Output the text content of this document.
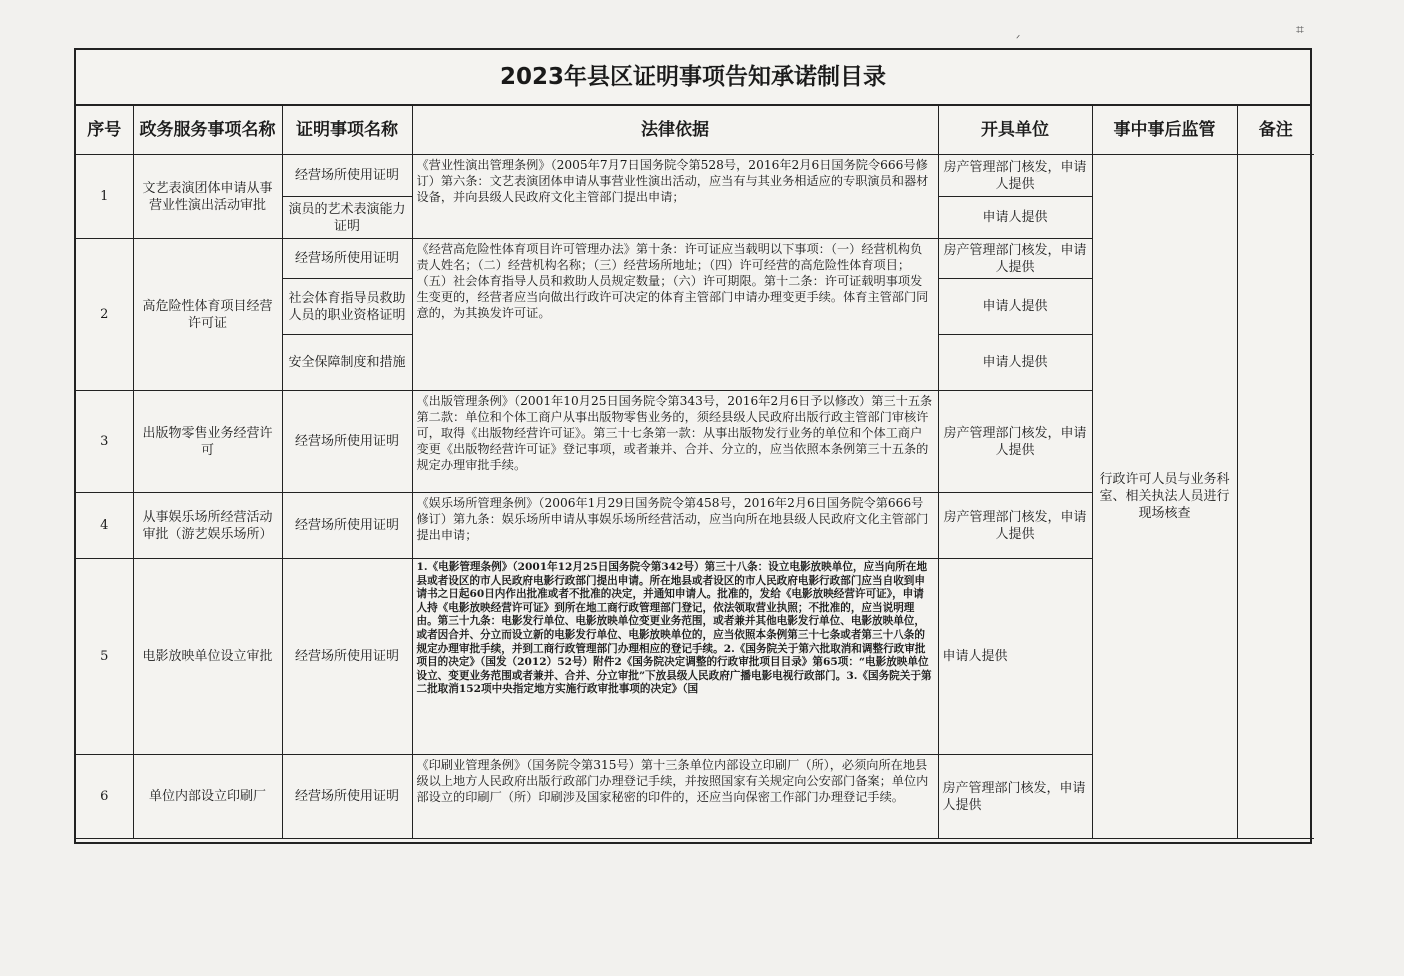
⌗
ᐟ
2023年县区证明事项告知承诺制目录
序号	政务服务事项名称	证明事项名称	法律依据	开具单位	事中事后监管	备注
1	文艺表演团体申请从事营业性演出活动审批	经营场所使用证明	《营业性演出管理条例》（2005年7月7日国务院令第528号，2016年2月6日国务院令666号修订）第六条：文艺表演团体申请从事营业性演出活动，应当有与其业务相适应的专职演员和器材设备，并向县级人民政府文化主管部门提出申请；	房产管理部门核发，申请人提供	行政许可人员与业务科室、相关执法人员进行现场核查	
		演员的艺术表演能力证明		申请人提供		
2	高危险性体育项目经营许可证	经营场所使用证明	《经营高危险性体育项目许可管理办法》第十条：许可证应当载明以下事项：（一）经营机构负责人姓名；（二）经营机构名称；（三）经营场所地址；（四）许可经营的高危险性体育项目；（五）社会体育指导人员和救助人员规定数量；（六）许可期限。第十二条：许可证载明事项发生变更的，经营者应当向做出行政许可决定的体育主管部门申请办理变更手续。体育主管部门同意的，为其换发许可证。	房产管理部门核发，申请人提供		
		社会体育指导员救助人员的职业资格证明		申请人提供		
		安全保障制度和措施		申请人提供		
3	出版物零售业务经营许可	经营场所使用证明	《出版管理条例》（2001年10月25日国务院令第343号，2016年2月6日予以修改）第三十五条第二款：单位和个体工商户从事出版物零售业务的，须经县级人民政府出版行政主管部门审核许可，取得《出版物经营许可证》。第三十七条第一款：从事出版物发行业务的单位和个体工商户变更《出版物经营许可证》登记事项，或者兼并、合并、分立的，应当依照本条例第三十五条的规定办理审批手续。	房产管理部门核发，申请人提供		
4	从事娱乐场所经营活动审批（游艺娱乐场所）	经营场所使用证明	《娱乐场所管理条例》（2006年1月29日国务院令第458号，2016年2月6日国务院令第666号修订）第九条：娱乐场所申请从事娱乐场所经营活动，应当向所在地县级人民政府文化主管部门提出申请；	房产管理部门核发，申请人提供		
5	电影放映单位设立审批	经营场所使用证明	1.《电影管理条例》（2001年12月25日国务院令第342号）第三十八条：设立电影放映单位，应当向所在地县或者设区的市人民政府电影行政部门提出申请。所在地县或者设区的市人民政府电影行政部门应当自收到申请书之日起60日内作出批准或者不批准的决定，并通知申请人。批准的，发给《电影放映经营许可证》，申请人持《电影放映经营许可证》到所在地工商行政管理部门登记，依法领取营业执照；不批准的，应当说明理由。第三十九条：电影发行单位、电影放映单位变更业务范围，或者兼并其他电影发行单位、电影放映单位，或者因合并、分立而设立新的电影发行单位、电影放映单位的，应当依照本条例第三十七条或者第三十八条的规定办理审批手续，并到工商行政管理部门办理相应的登记手续。2.《国务院关于第六批取消和调整行政审批项目的决定》（国发（2012）52号）附件2《国务院决定调整的行政审批项目目录》第65项：“电影放映单位设立、变更业务范围或者兼并、合并、分立审批”下放县级人民政府广播电影电视行政部门。3.《国务院关于第二批取消152项中央指定地方实施行政审批事项的决定》（国	申请人提供		
6	单位内部设立印刷厂	经营场所使用证明	《印刷业管理条例》（国务院令第315号）第十三条单位内部设立印刷厂（所），必须向所在地县级以上地方人民政府出版行政部门办理登记手续，并按照国家有关规定向公安部门备案；单位内部设立的印刷厂（所）印刷涉及国家秘密的印件的，还应当向保密工作部门办理登记手续。	房产管理部门核发，申请人提供		
